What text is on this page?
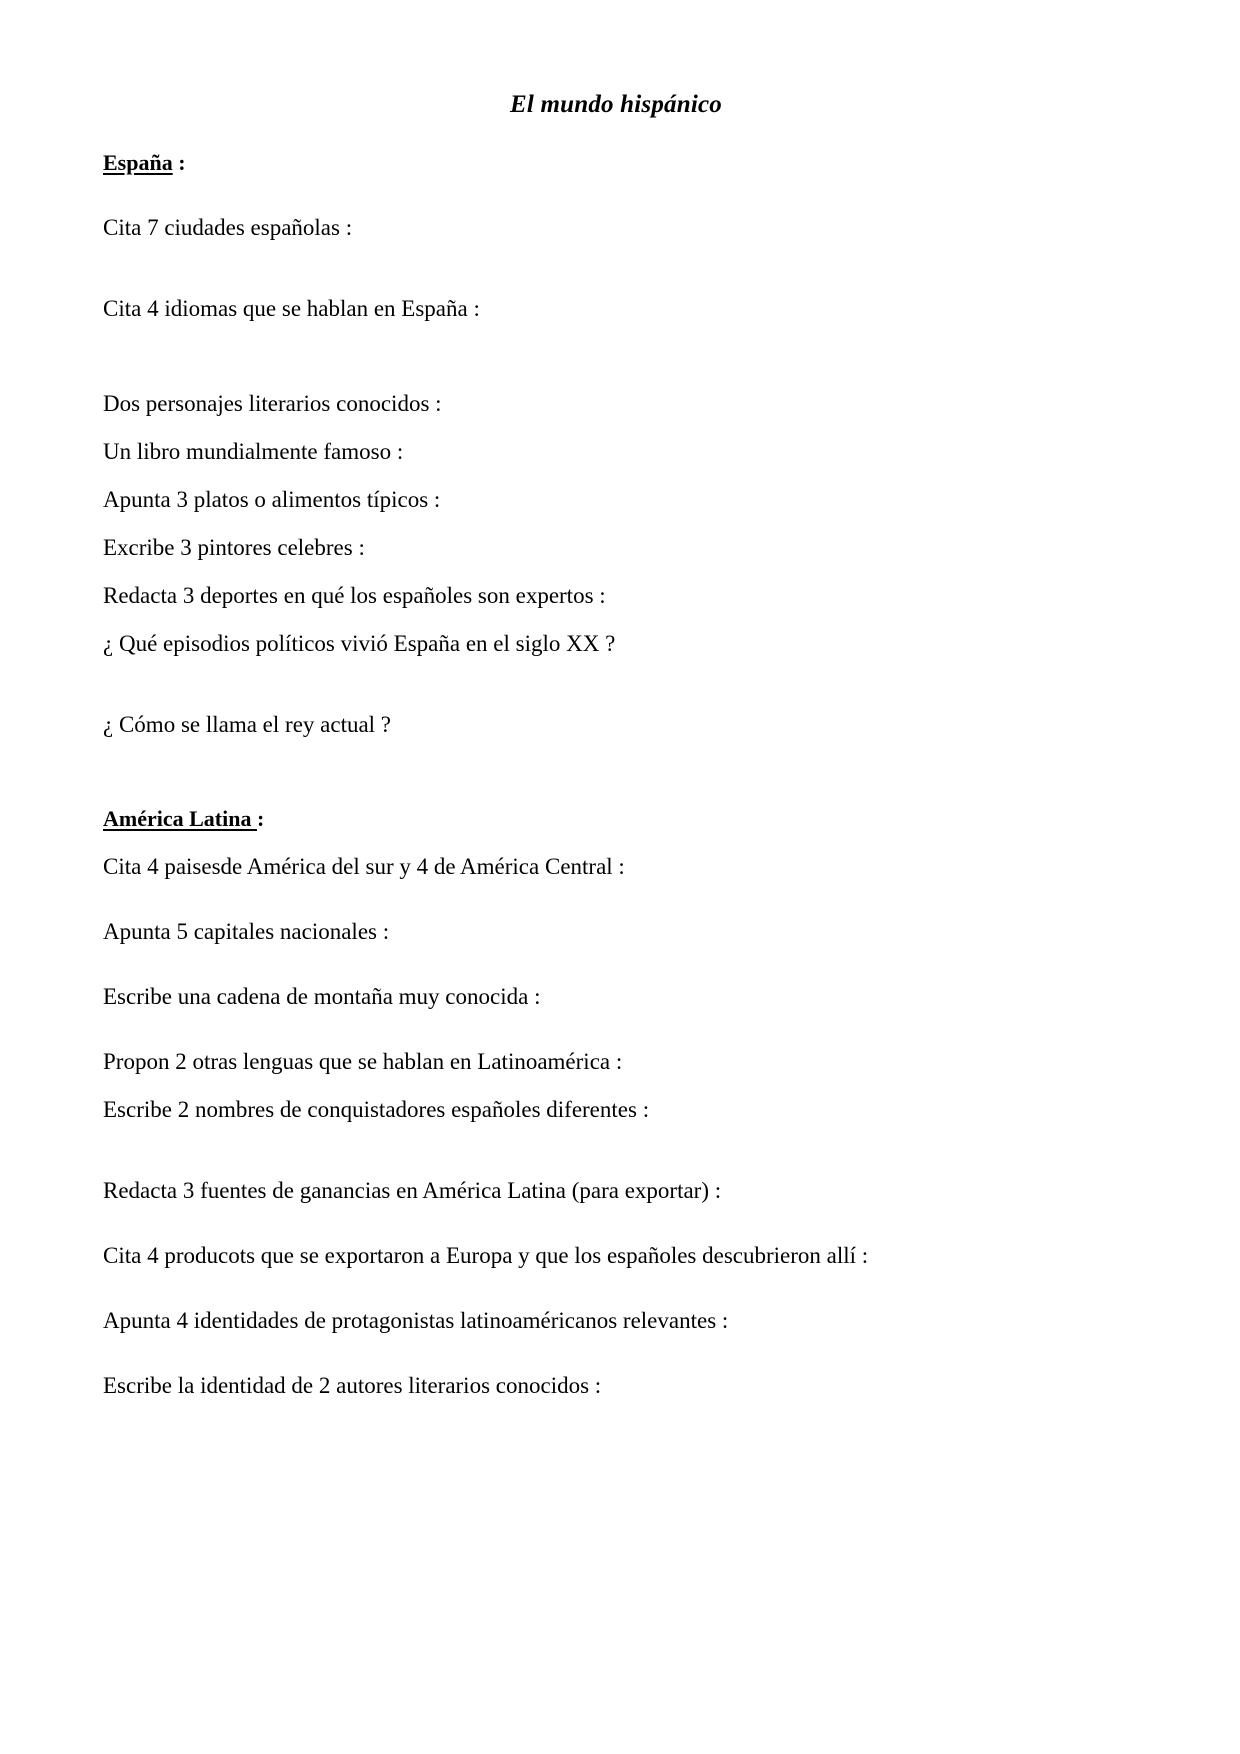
El mundo hispánico
España :
Cita 7 ciudades españolas :
Cita 4 idiomas que se hablan en España :
Dos personajes literarios conocidos :
Un libro mundialmente famoso :
Apunta 3 platos o alimentos típicos :
Excribe 3 pintores celebres :
Redacta 3 deportes en qué los españoles son expertos :
¿ Qué episodios políticos vivió España en el siglo XX ?
¿ Cómo se llama el rey actual ?
América Latina :
Cita 4 paisesde América del sur y 4 de América Central :
Apunta 5 capitales nacionales :
Escribe una cadena de montaña muy conocida :
Propon 2 otras lenguas que se hablan en Latinoamérica :
Escribe 2 nombres de conquistadores españoles diferentes :
Redacta 3 fuentes de ganancias en América Latina (para exportar) :
Cita 4 producots que se exportaron a Europa y que los españoles descubrieron allí :
Apunta 4 identidades de protagonistas latinoaméricanos relevantes :
Escribe la identidad de 2 autores literarios conocidos :
